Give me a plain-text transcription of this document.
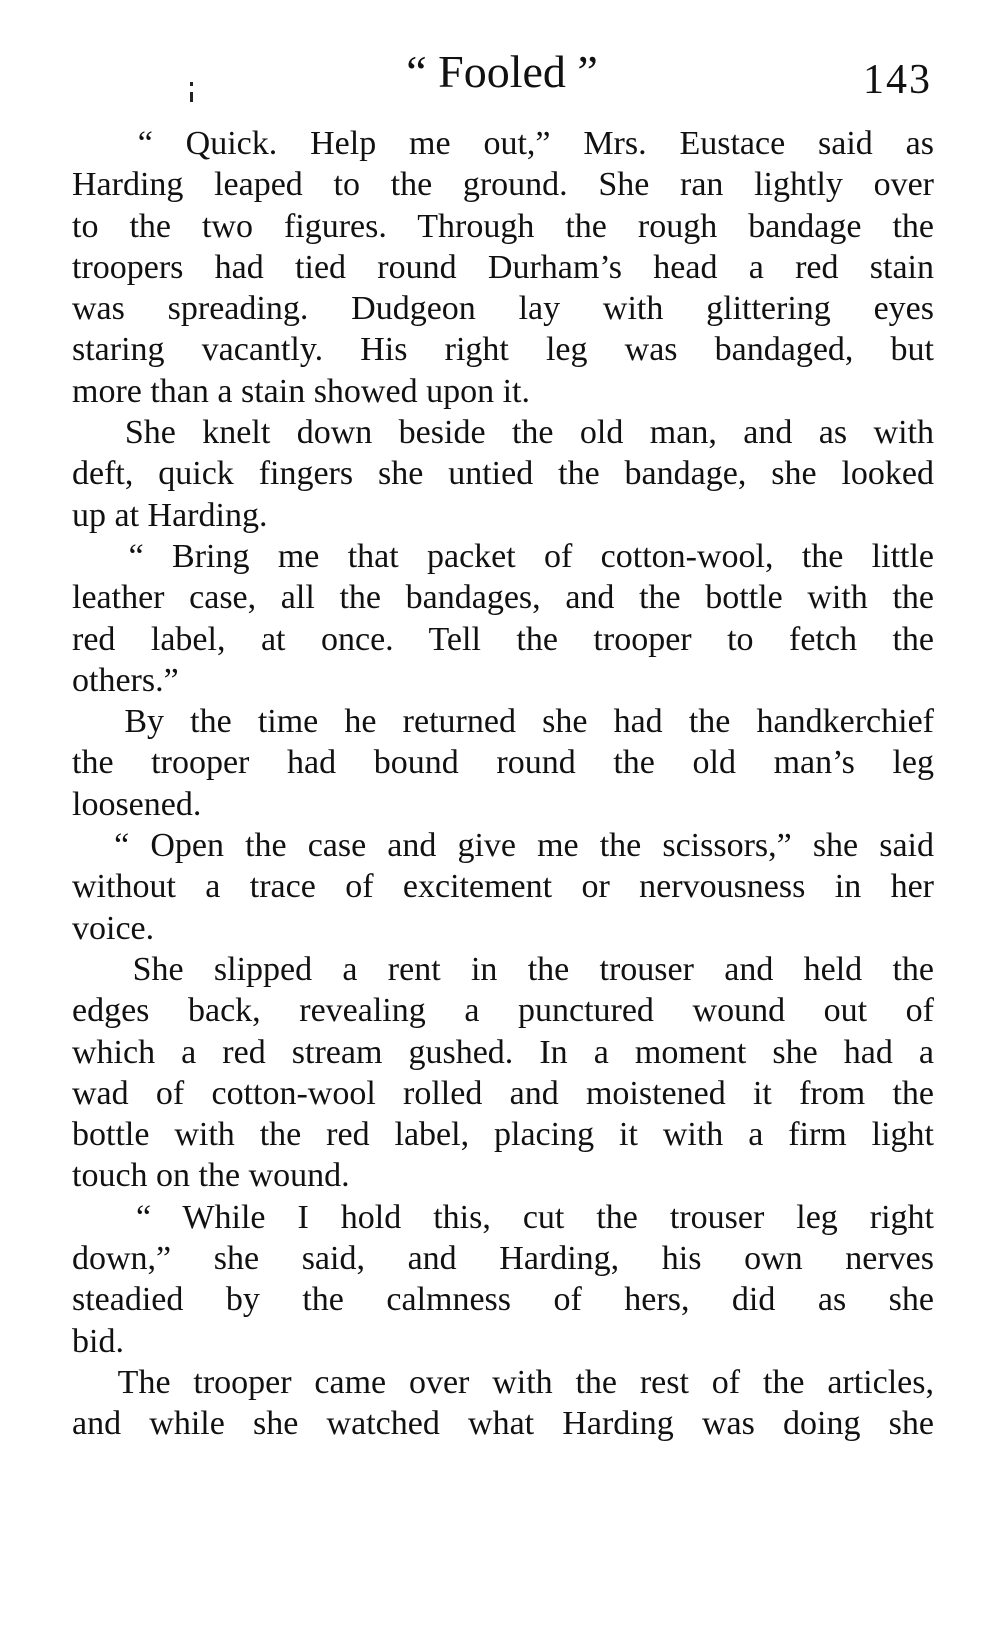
“ Fooled ”	143
“ Quick. Help me out,” Mrs. Eustace said as
Harding leaped to the ground. She ran lightly over
to the two figures. Through the rough bandage the
troopers had tied round Durham’s head a red stain
was spreading. Dudgeon lay with glittering eyes
staring vacantly. His right leg was bandaged, but
more than a stain showed upon it.
She knelt down beside the old man, and as with
deft, quick fingers she untied the bandage, she looked
up at Harding.
“ Bring me that packet of cotton-wool, the little
leather case, all the bandages, and the bottle with the
red label, at once. Tell the trooper to fetch the
others.”
By the time he returned she had the handkerchief
the trooper had bound round the old man’s leg
loosened.
“ Open the case and give me the scissors,” she said
without a trace of excitement or nervousness in her
voice.
She slipped a rent in the trouser and held the
edges back, revealing a punctured wound out of
which a red stream gushed. In a moment she had a
wad of cotton-wool rolled and moistened it from the
bottle with the red label, placing it with a firm light
touch on the wound.
“ While I hold this, cut the trouser leg right
down,” she said, and Harding, his own nerves
steadied by the calmness of hers, did as she
bid.
The trooper came over with the rest of the articles,
and while she watched what Harding was doing she
